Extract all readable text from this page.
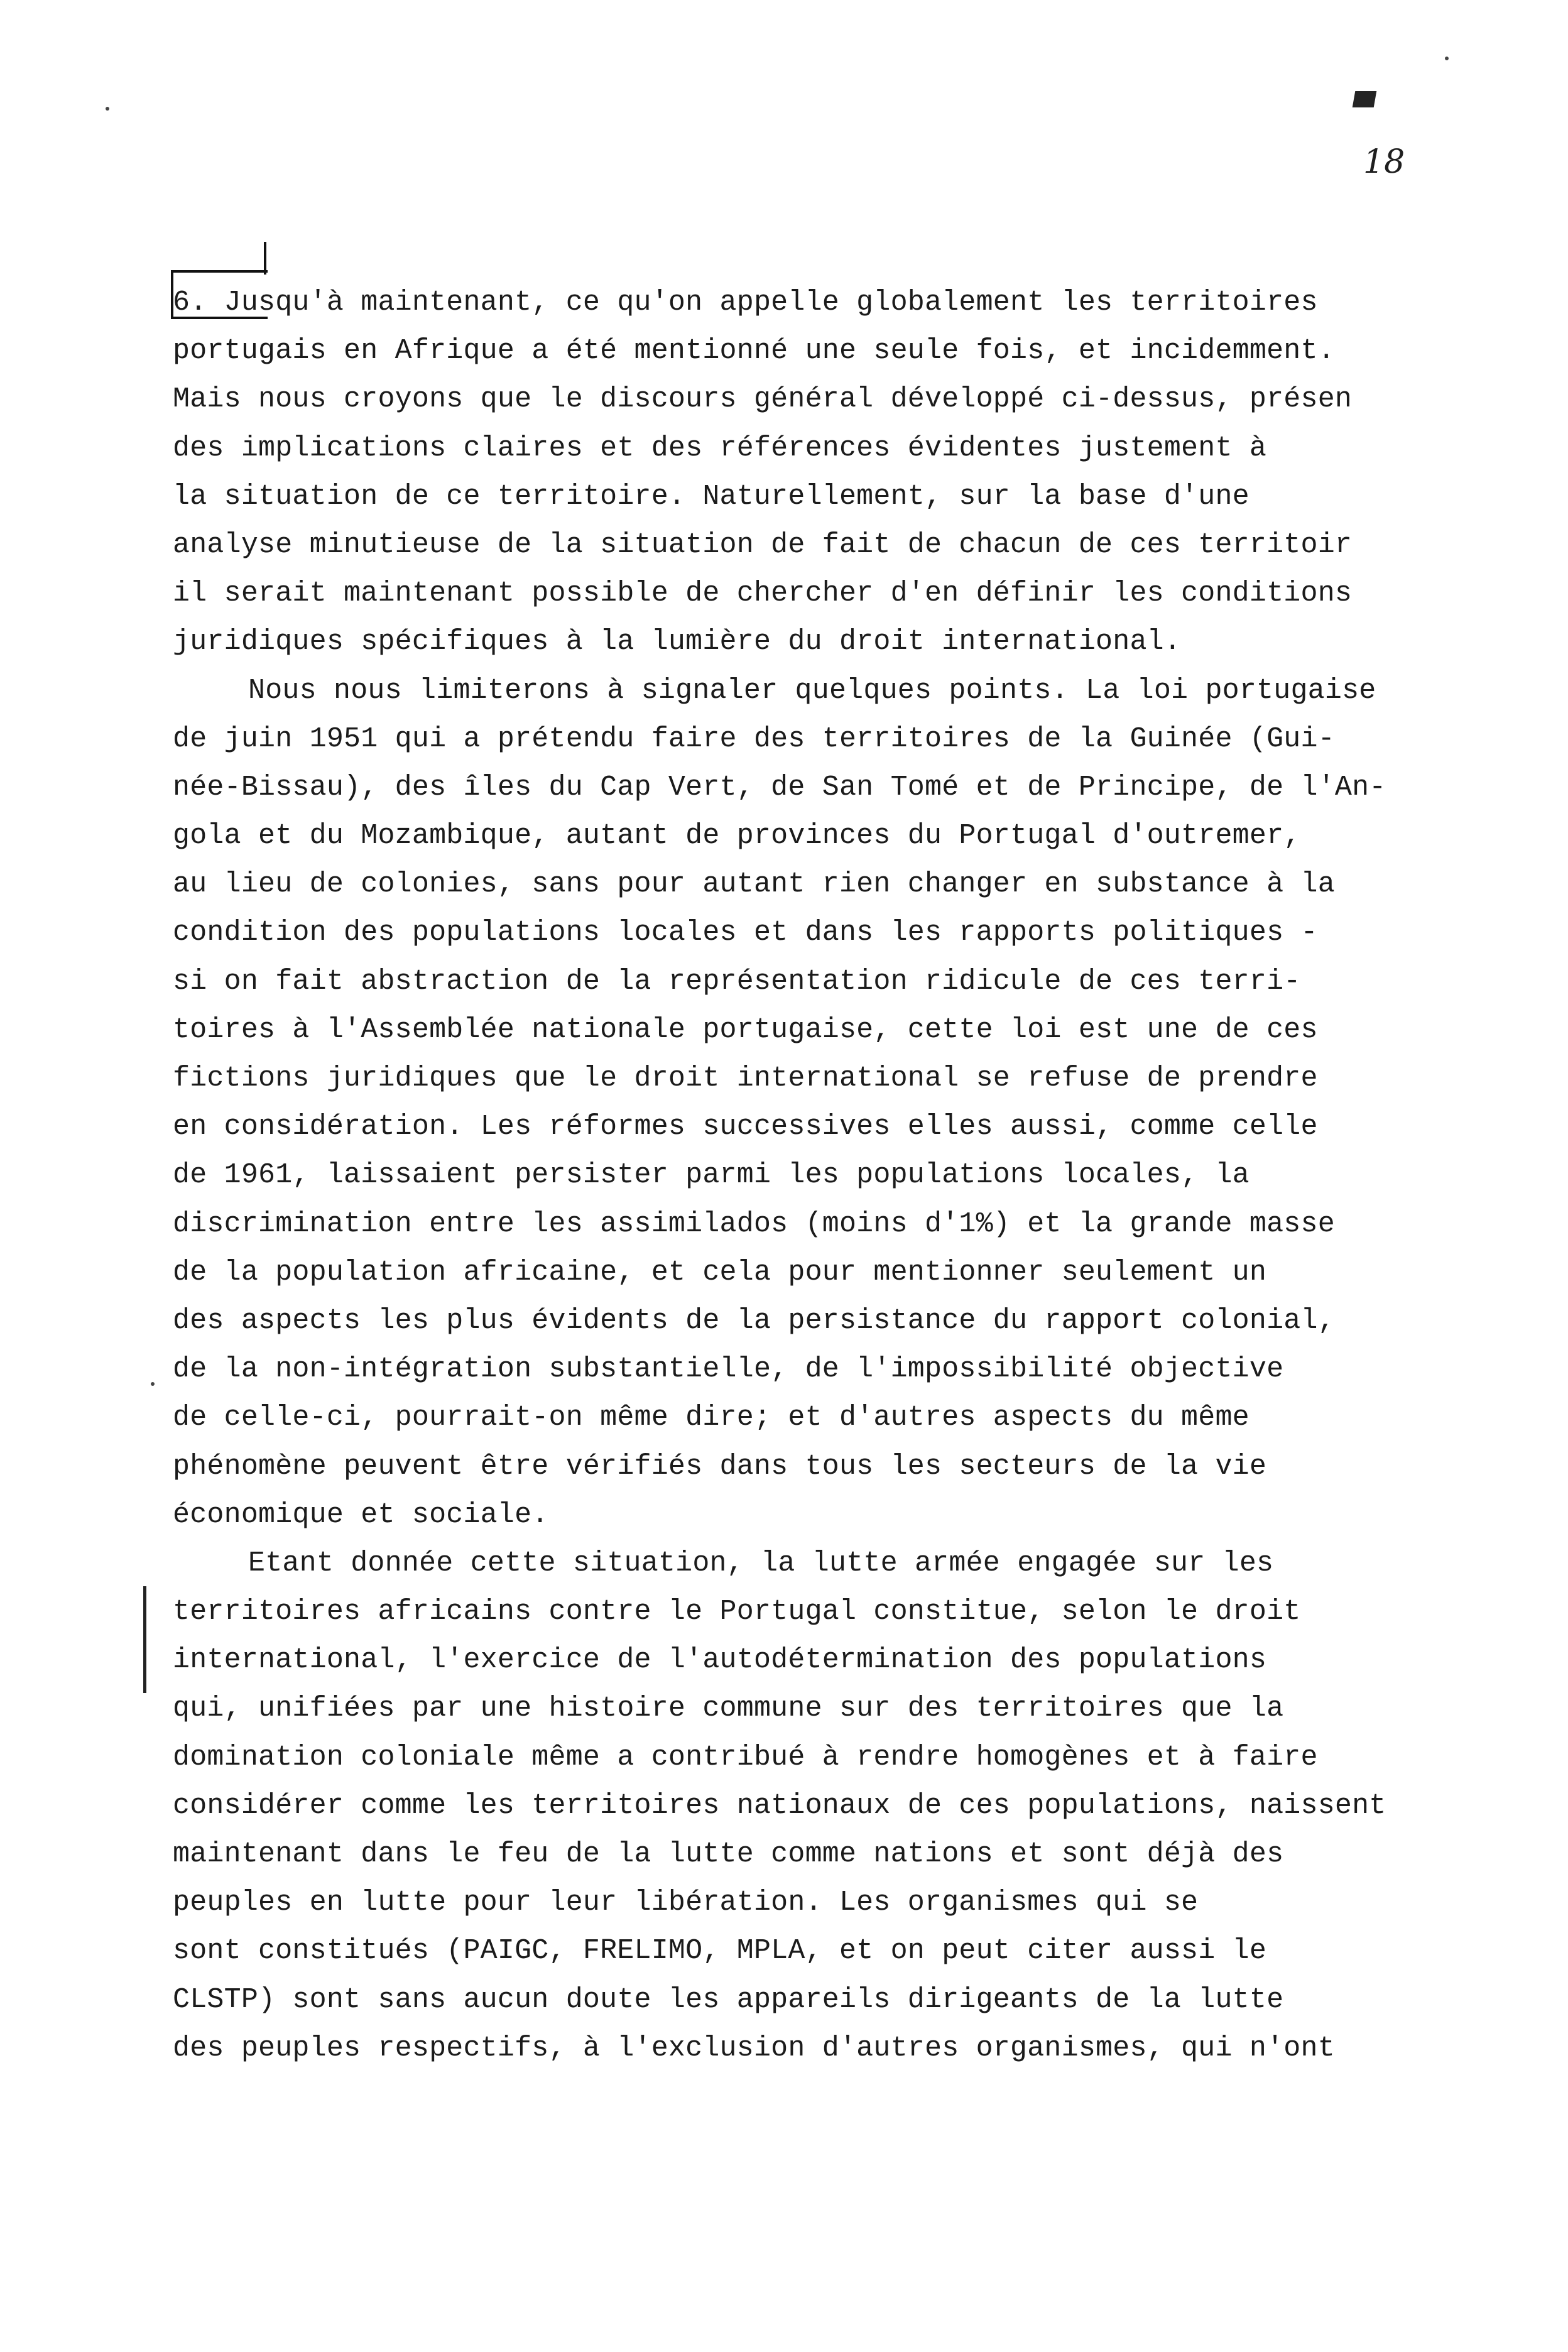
18
6. Jusqu'à maintenant, ce qu'on appelle globalement les territoires
portugais en Afrique a été mentionné une seule fois, et incidemment.
Mais nous croyons que le discours général développé ci-dessus, présen
des implications claires et des références évidentes justement à
la situation de ce territoire. Naturellement, sur la base d'une
analyse minutieuse de la situation de fait de chacun de ces territoir
il serait maintenant possible de chercher d'en définir les conditions
juridiques spécifiques à la lumière du droit international.
Nous nous limiterons à signaler quelques points. La loi portugaise
de juin 1951 qui a prétendu faire des territoires de la Guinée (Gui-
née-Bissau), des îles du Cap Vert, de San Tomé et de Principe, de l'An-
gola et du Mozambique, autant de provinces du Portugal d'outremer,
au lieu de colonies, sans pour autant rien changer en substance à la
condition des populations locales et dans les rapports politiques -
si on fait abstraction de la représentation ridicule de ces terri-
toires à l'Assemblée nationale portugaise, cette loi est une de ces
fictions juridiques que le droit international se refuse de prendre
en considération. Les réformes successives elles aussi, comme celle
de 1961, laissaient persister parmi les populations locales, la
discrimination entre les assimilados (moins d'1%) et la grande masse
de la population africaine, et cela pour mentionner seulement un
des aspects les plus évidents de la persistance du rapport colonial,
de la non-intégration substantielle, de l'impossibilité objective
de celle-ci, pourrait-on même dire; et d'autres aspects du même
phénomène peuvent être vérifiés dans tous les secteurs de la vie
économique et sociale.
Etant donnée cette situation, la lutte armée engagée sur les
territoires africains contre le Portugal constitue, selon le droit
international, l'exercice de l'autodétermination des populations
qui, unifiées par une histoire commune sur des territoires que la
domination coloniale même a contribué à rendre homogènes et à faire
considérer comme les territoires nationaux de ces populations, naissent
maintenant dans le feu de la lutte comme nations et sont déjà des
peuples en lutte pour leur libération. Les organismes qui se
sont constitués (PAIGC, FRELIMO, MPLA, et on peut citer aussi le
CLSTP) sont sans aucun doute les appareils dirigeants de la lutte
des peuples respectifs, à l'exclusion d'autres organismes, qui n'ont
